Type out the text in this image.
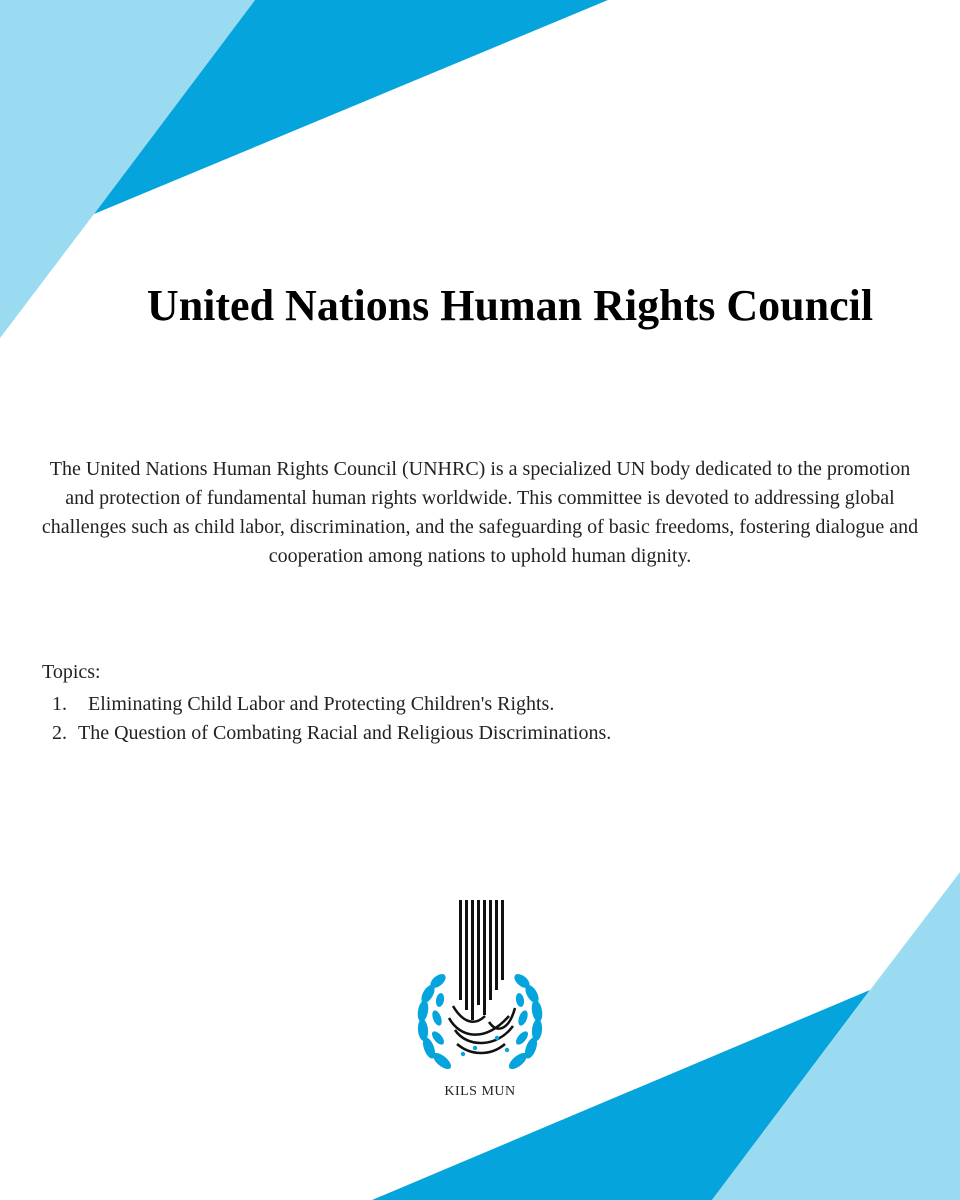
United Nations Human Rights Council

The United Nations Human Rights Council (UNHRC) is a specialized UN body dedicated to the promotion and protection of fundamental human rights worldwide. This committee is devoted to addressing global challenges such as child labor, discrimination, and the safeguarding of basic freedoms, fostering dialogue and cooperation among nations to uphold human dignity.

Topics:

1. Eliminating Child Labor and Protecting Children's Rights.
2. The Question of Combating Racial and Religious Discriminations.

KILS MUN
